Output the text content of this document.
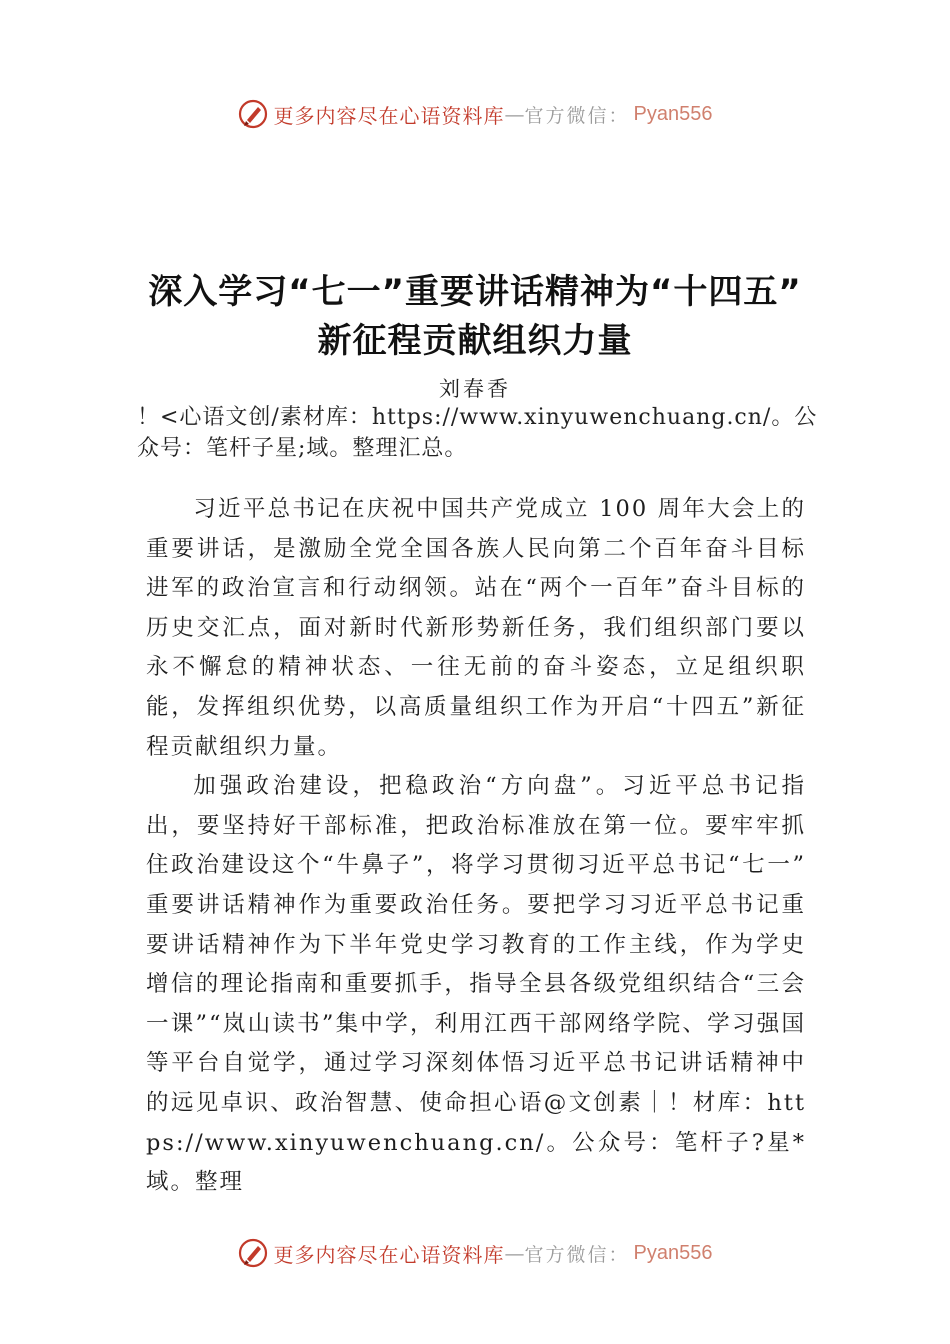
更多内容尽在心语资料库 — 官方微信： Pyan556
深入学习“七一”重要讲话精神为“十四五”
新征程贡献组织力量
刘春香
！<心语文创/素材库：https://www.xinyuwenchuang.cn/。公众号：笔杆子星;域。整理汇总。

习近平总书记在庆祝中国共产党成立 100 周年大会上的重要讲话，是激励全党全国各族人民向第二个百年奋斗目标进军的政治宣言和行动纲领。站在“两个一百年”奋斗目标的历史交汇点，面对新时代新形势新任务，我们组织部门要以永不懈怠的精神状态、一往无前的奋斗姿态，立足组织职能，发挥组织优势，以高质量组织工作为开启“十四五”新征程贡献组织力量。

加强政治建设，把稳政治“方向盘”。习近平总书记指出，要坚持好干部标准，把政治标准放在第一位。要牢牢抓住政治建设这个“牛鼻子”，将学习贯彻习近平总书记“七一” 重要讲话精神作为重要政治任务。要把学习习近平总书记重要讲话精神作为下半年党史学习教育的工作主线，作为学史增信的理论指南和重要抓手，指导全县各级党组织结合“三会一课”“岚山读书”集中学，利用江西干部网络学院、学习强国等平台自觉学，通过学习深刻体悟习近平总书记讲话精神中的远见卓识、政治智慧、使命担心语@文创素｜！材库：https://www.xinyuwenchuang.cn/。公众号：笔杆子?星*域。整理

更多内容尽在心语资料库 — 官方微信： Pyan556
